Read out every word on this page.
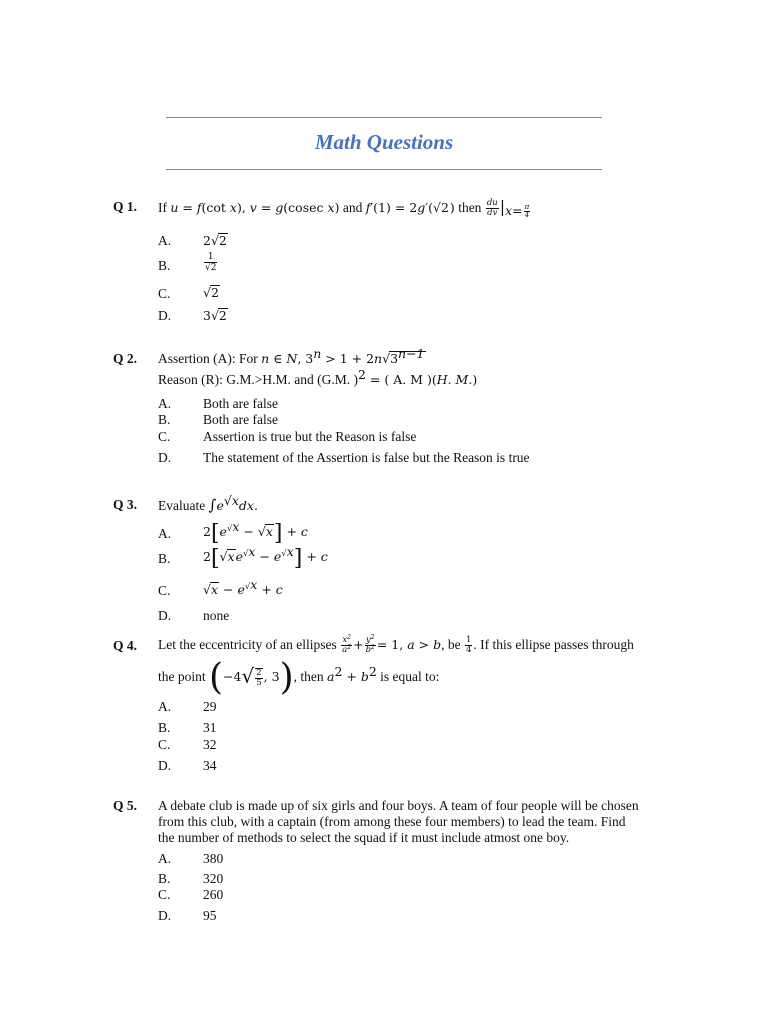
Math Questions
Q 1. If u = f(cot x), v = g(cosec x) and f′(1) = 2g′(√2) then $\frac{du}{dv} |_{x= \frac{\pi}{4}}$
A.	2√2
B.	$\frac{1}{√2}$
C.	√2
D.	3√2
Q 2. Assertion (A): For n ∈ N, $3^n > 1 + 2n√3^{n-1}$
Reason (R): G.M.>H.M. and (G.M. )$^2$ = ( A. M )(H. M.)
A. Both are false
B. Both are false
C. Assertion is true but the Reason is false
D. The statement of the Assertion is false but the Reason is true
Q 3. Evaluate $\int e^{√x}dx$.
A.	$2[e^{√x} - √x] + c$
B.	$2[√xe^{√x} - e^{√x}] + c$
C.	$√x - e^{√x} + c$
D. none
Q 4. Let the eccentricity of an ellipses $\frac{x^2}{a^2} + \frac{y^2}{b^2} = 1$, a > b, be $\frac{1}{4}$ . If this ellipse passes through
the point ($-4√ \frac{2}{5}$ , 3), then $a^2 + b^2$ is equal to:
A. 29
B. 31
C. 32
D. 34
Q 5. A debate club is made up of six girls and four boys. A team of four people will be chosen
from this club, with a captain (from among these four members) to lead the team. Find
the number of methods to select the squad if it must include atmost one boy.
A. 380
B. 320
C. 260
D. 95
